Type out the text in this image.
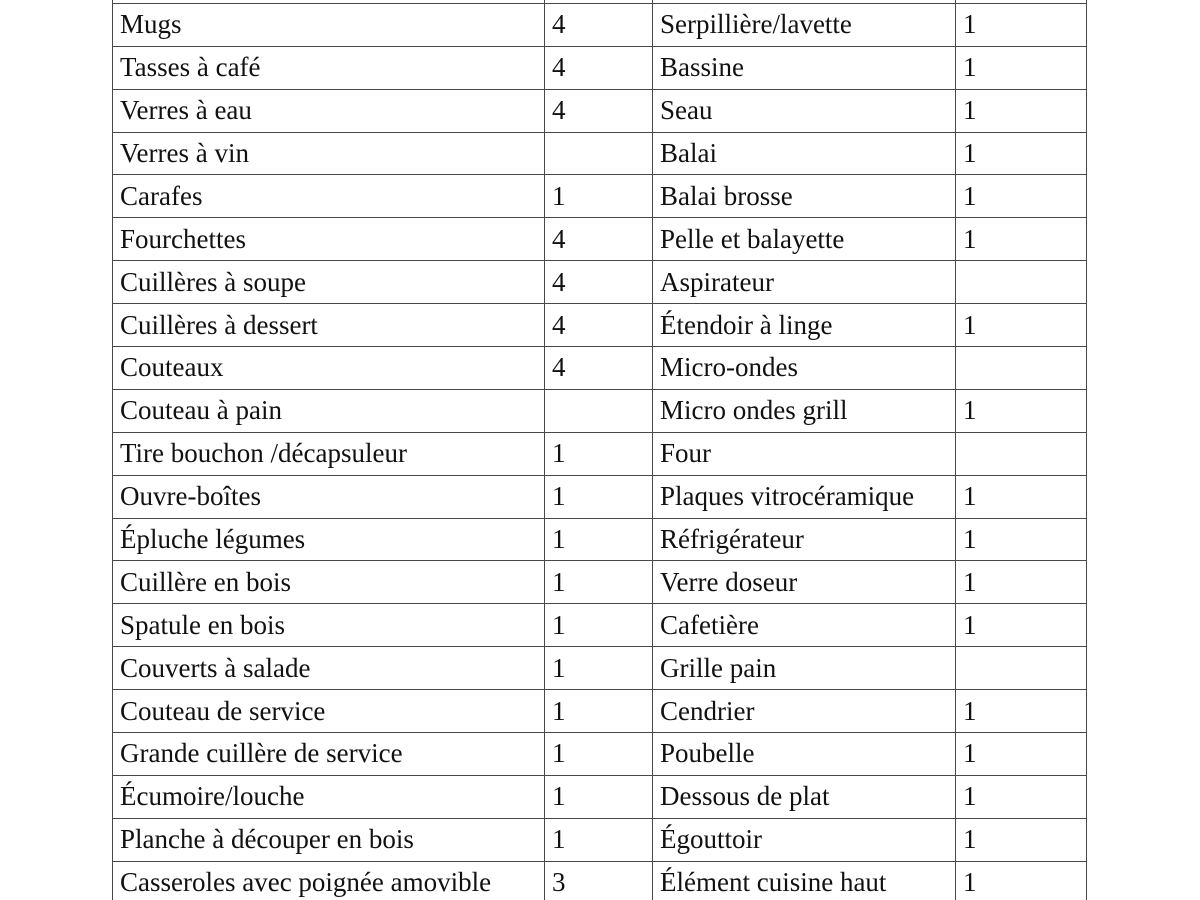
Mugs	4	Serpillière/lavette	1
Tasses à café	4	Bassine	1
Verres à eau	4	Seau	1
Verres à vin		Balai	1
Carafes	1	Balai brosse	1
Fourchettes	4	Pelle et balayette	1
Cuillères à soupe	4	Aspirateur	
Cuillères à dessert	4	Étendoir à linge	1
Couteaux	4	Micro-ondes	
Couteau à pain		Micro ondes grill	1
Tire bouchon /décapsuleur	1	Four	
Ouvre-boîtes	1	Plaques vitrocéramique	1
Épluche légumes	1	Réfrigérateur	1
Cuillère en bois	1	Verre doseur	1
Spatule en bois	1	Cafetière	1
Couverts à salade	1	Grille pain	
Couteau de service	1	Cendrier	1
Grande cuillère de service	1	Poubelle	1
Écumoire/louche	1	Dessous de plat	1
Planche à découper en bois	1	Égouttoir	1
Casseroles avec poignée amovible	3	Élément cuisine haut	1
